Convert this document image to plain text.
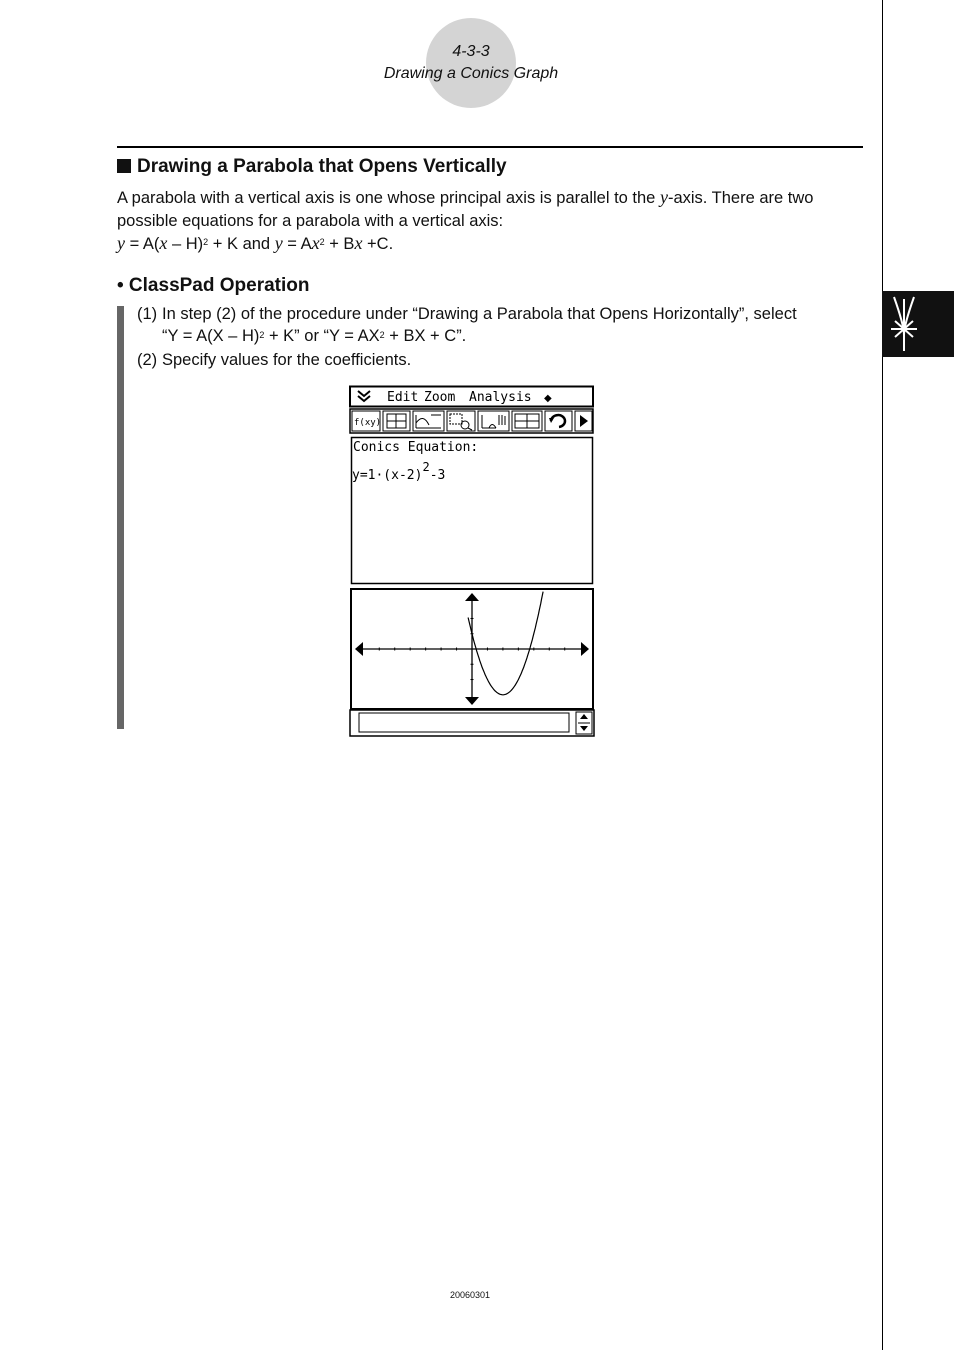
4-3-3
Drawing a Conics Graph
Drawing a Parabola that Opens Vertically

A parabola with a vertical axis is one whose principal axis is parallel to the y-axis. There are two possible equations for a parabola with a vertical axis:
y = A(x – H)$^2$ + K and $y = Ax^2 + Bx +C$.

• ClassPad Operation
(1) In step (2) of the procedure under “Drawing a Parabola that Opens Horizontally”, select
“Y = A(X – H)$^2$ + K” or “$Y = AX^2$ + BX + C”.
(2) Specify values for the coefficients.
Edit Zoom Analysis ◆
f(xy)
Conics Equation:
y=1·(x-2)2-3
20060301
